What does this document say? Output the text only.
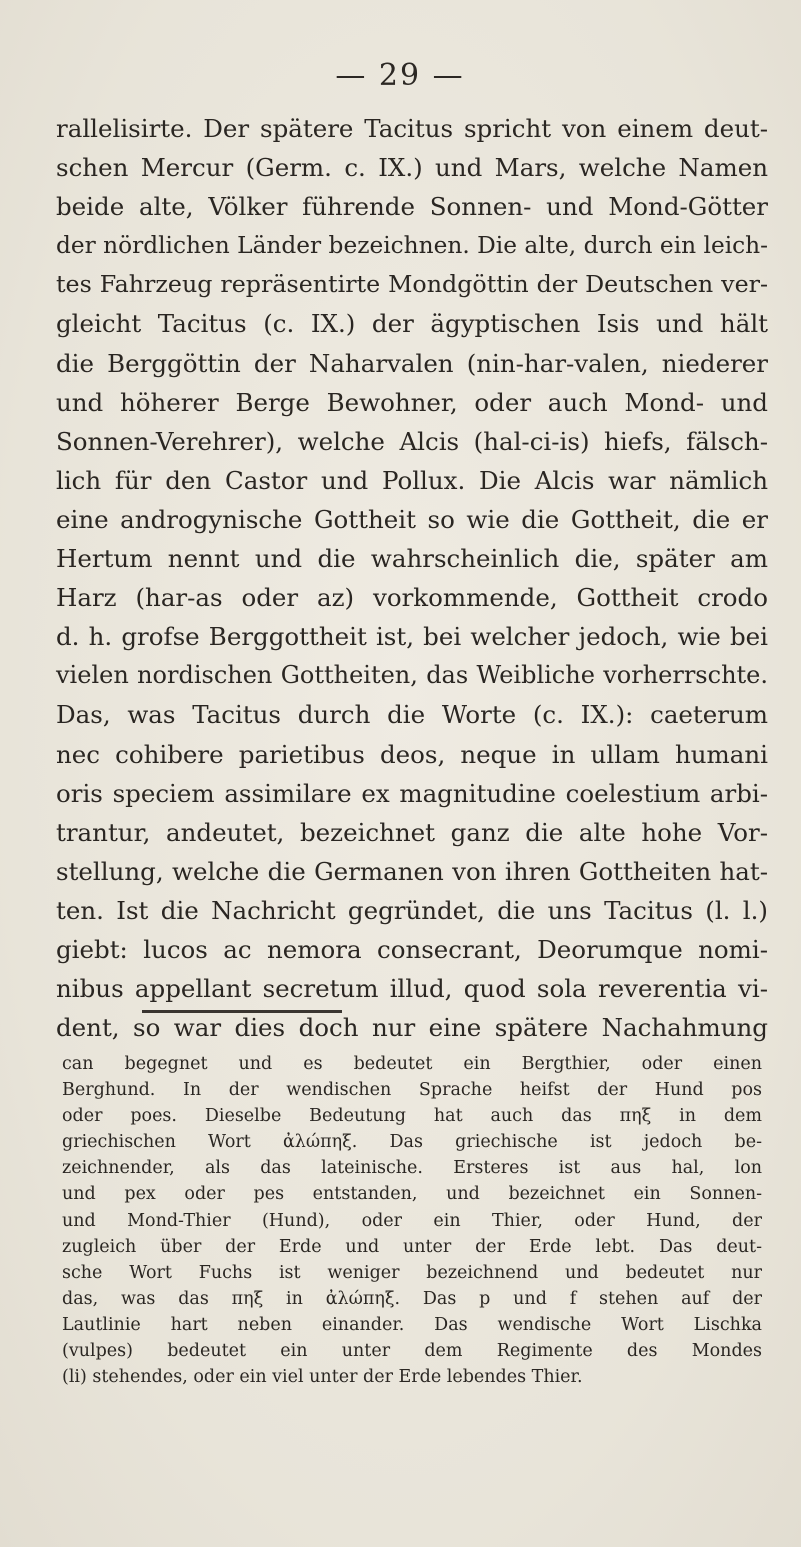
— 29 —
rallelisirte. Der spätere Tacitus spricht von einem deut-
schen Mercur (Germ. c. IX.) und Mars, welche Namen
beide alte, Völker führende Sonnen- und Mond-Götter
der nördlichen Länder bezeichnen. Die alte, durch ein leich-
tes Fahrzeug repräsentirte Mondgöttin der Deutschen ver-
gleicht Tacitus (c. IX.) der ägyptischen Isis und hält
die Berggöttin der Naharvalen (nin-har-valen, niederer
und höherer Berge Bewohner, oder auch Mond- und
Sonnen-Verehrer), welche Alcis (hal-ci-is) hiefs, fälsch-
lich für den Castor und Pollux. Die Alcis war nämlich
eine androgynische Gottheit so wie die Gottheit, die er
Hertum nennt und die wahrscheinlich die, später am
Harz (har-as oder az) vorkommende, Gottheit crodo
d. h. grofse Berggottheit ist, bei welcher jedoch, wie bei
vielen nordischen Gottheiten, das Weibliche vorherrschte.
Das, was Tacitus durch die Worte (c. IX.): caeterum
nec cohibere parietibus deos, neque in ullam humani
oris speciem assimilare ex magnitudine coelestium arbi-
trantur, andeutet, bezeichnet ganz die alte hohe Vor-
stellung, welche die Germanen von ihren Gottheiten hat-
ten. Ist die Nachricht gegründet, die uns Tacitus (l. l.)
giebt: lucos ac nemora consecrant, Deorumque nomi-
nibus appellant secretum illud, quod sola reverentia vi-
dent, so war dies doch nur eine spätere Nachahmung
can begegnet und es bedeutet ein Bergthier, oder einen
Berghund. In der wendischen Sprache heifst der Hund pos
oder poes. Dieselbe Bedeutung hat auch das πηξ in dem
griechischen Wort ἀλώπηξ. Das griechische ist jedoch be-
zeichnender, als das lateinische. Ersteres ist aus hal, lon
und pex oder pes entstanden, und bezeichnet ein Sonnen-
und Mond-Thier (Hund), oder ein Thier, oder Hund, der
zugleich über der Erde und unter der Erde lebt. Das deut-
sche Wort Fuchs ist weniger bezeichnend und bedeutet nur
das, was das πηξ in ἀλώπηξ. Das p und f stehen auf der
Lautlinie hart neben einander. Das wendische Wort Lischka
(vulpes) bedeutet ein unter dem Regimente des Mondes
(li) stehendes, oder ein viel unter der Erde lebendes Thier.
